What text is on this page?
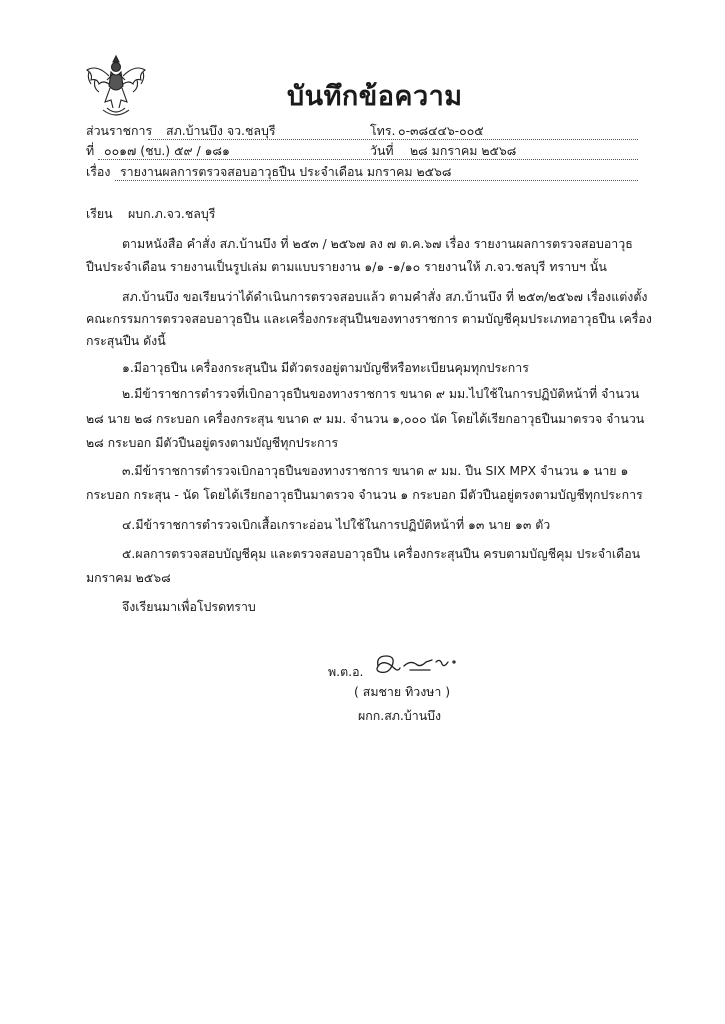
บันทึกข้อความ
ส่วนราชการ สภ.บ้านบึง จว.ชลบุรี	โทร. ๐-๓๘๔๔๖-๐๐๕
ที่ ๐๐๑๗ (ชบ.) ๕๙ / ๑๘๑	วันที่ ๒๘ มกราคม ๒๕๖๘
เรื่อง รายงานผลการตรวจสอบอาวุธปืน ประจำเดือน มกราคม ๒๕๖๘
เรียน ผบก.ภ.จว.ชลบุรี
ตามหนังสือ คำสั่ง สภ.บ้านบึง ที่ ๒๕๓ / ๒๕๖๗ ลง ๗ ต.ค.๖๗ เรื่อง รายงานผลการตรวจสอบอาวุธ
ปืนประจำเดือน รายงานเป็นรูปเล่ม ตามแบบรายงาน ๑/๑ -๑/๑๐ รายงานให้ ภ.จว.ชลบุรี ทราบฯ นั้น
สภ.บ้านบึง ขอเรียนว่าได้ดำเนินการตรวจสอบแล้ว ตามคำสั่ง สภ.บ้านบึง ที่ ๒๕๓/๒๕๖๗ เรื่องแต่งตั้ง
คณะกรรมการตรวจสอบอาวุธปืน และเครื่องกระสุนปืนของทางราชการ ตามบัญชีคุมประเภทอาวุธปืน เครื่อง
กระสุนปืน ดังนี้
๑.มีอาวุธปืน เครื่องกระสุนปืน มีตัวตรงอยู่ตามบัญชีหรือทะเบียนคุมทุกประการ
๒.มีข้าราชการตำรวจที่เบิกอาวุธปืนของทางราชการ ขนาด ๙ มม.ไปใช้ในการปฏิบัติหน้าที่ จำนวน
๒๘ นาย ๒๘ กระบอก เครื่องกระสุน ขนาด ๙ มม. จำนวน ๑,๐๐๐ นัด โดยได้เรียกอาวุธปืนมาตรวจ จำนวน
๒๘ กระบอก มีตัวปืนอยู่ตรงตามบัญชีทุกประการ
๓.มีข้าราชการตำรวจเบิกอาวุธปืนของทางราชการ ขนาด ๙ มม. ปืน SIX MPX จำนวน ๑ นาย ๑
กระบอก กระสุน - นัด โดยได้เรียกอาวุธปืนมาตรวจ จำนวน ๑ กระบอก มีตัวปืนอยู่ตรงตามบัญชีทุกประการ
๔.มีข้าราชการตำรวจเบิกเสื้อเกราะอ่อน ไปใช้ในการปฏิบัติหน้าที่ ๑๓ นาย ๑๓ ตัว
๕.ผลการตรวจสอบบัญชีคุม และตรวจสอบอาวุธปืน เครื่องกระสุนปืน ครบตามบัญชีคุม ประจำเดือน
มกราคม ๒๕๖๘
จึงเรียนมาเพื่อโปรดทราบ
พ.ต.อ.
( สมชาย ทิวงษา )
ผกก.สภ.บ้านบึง
